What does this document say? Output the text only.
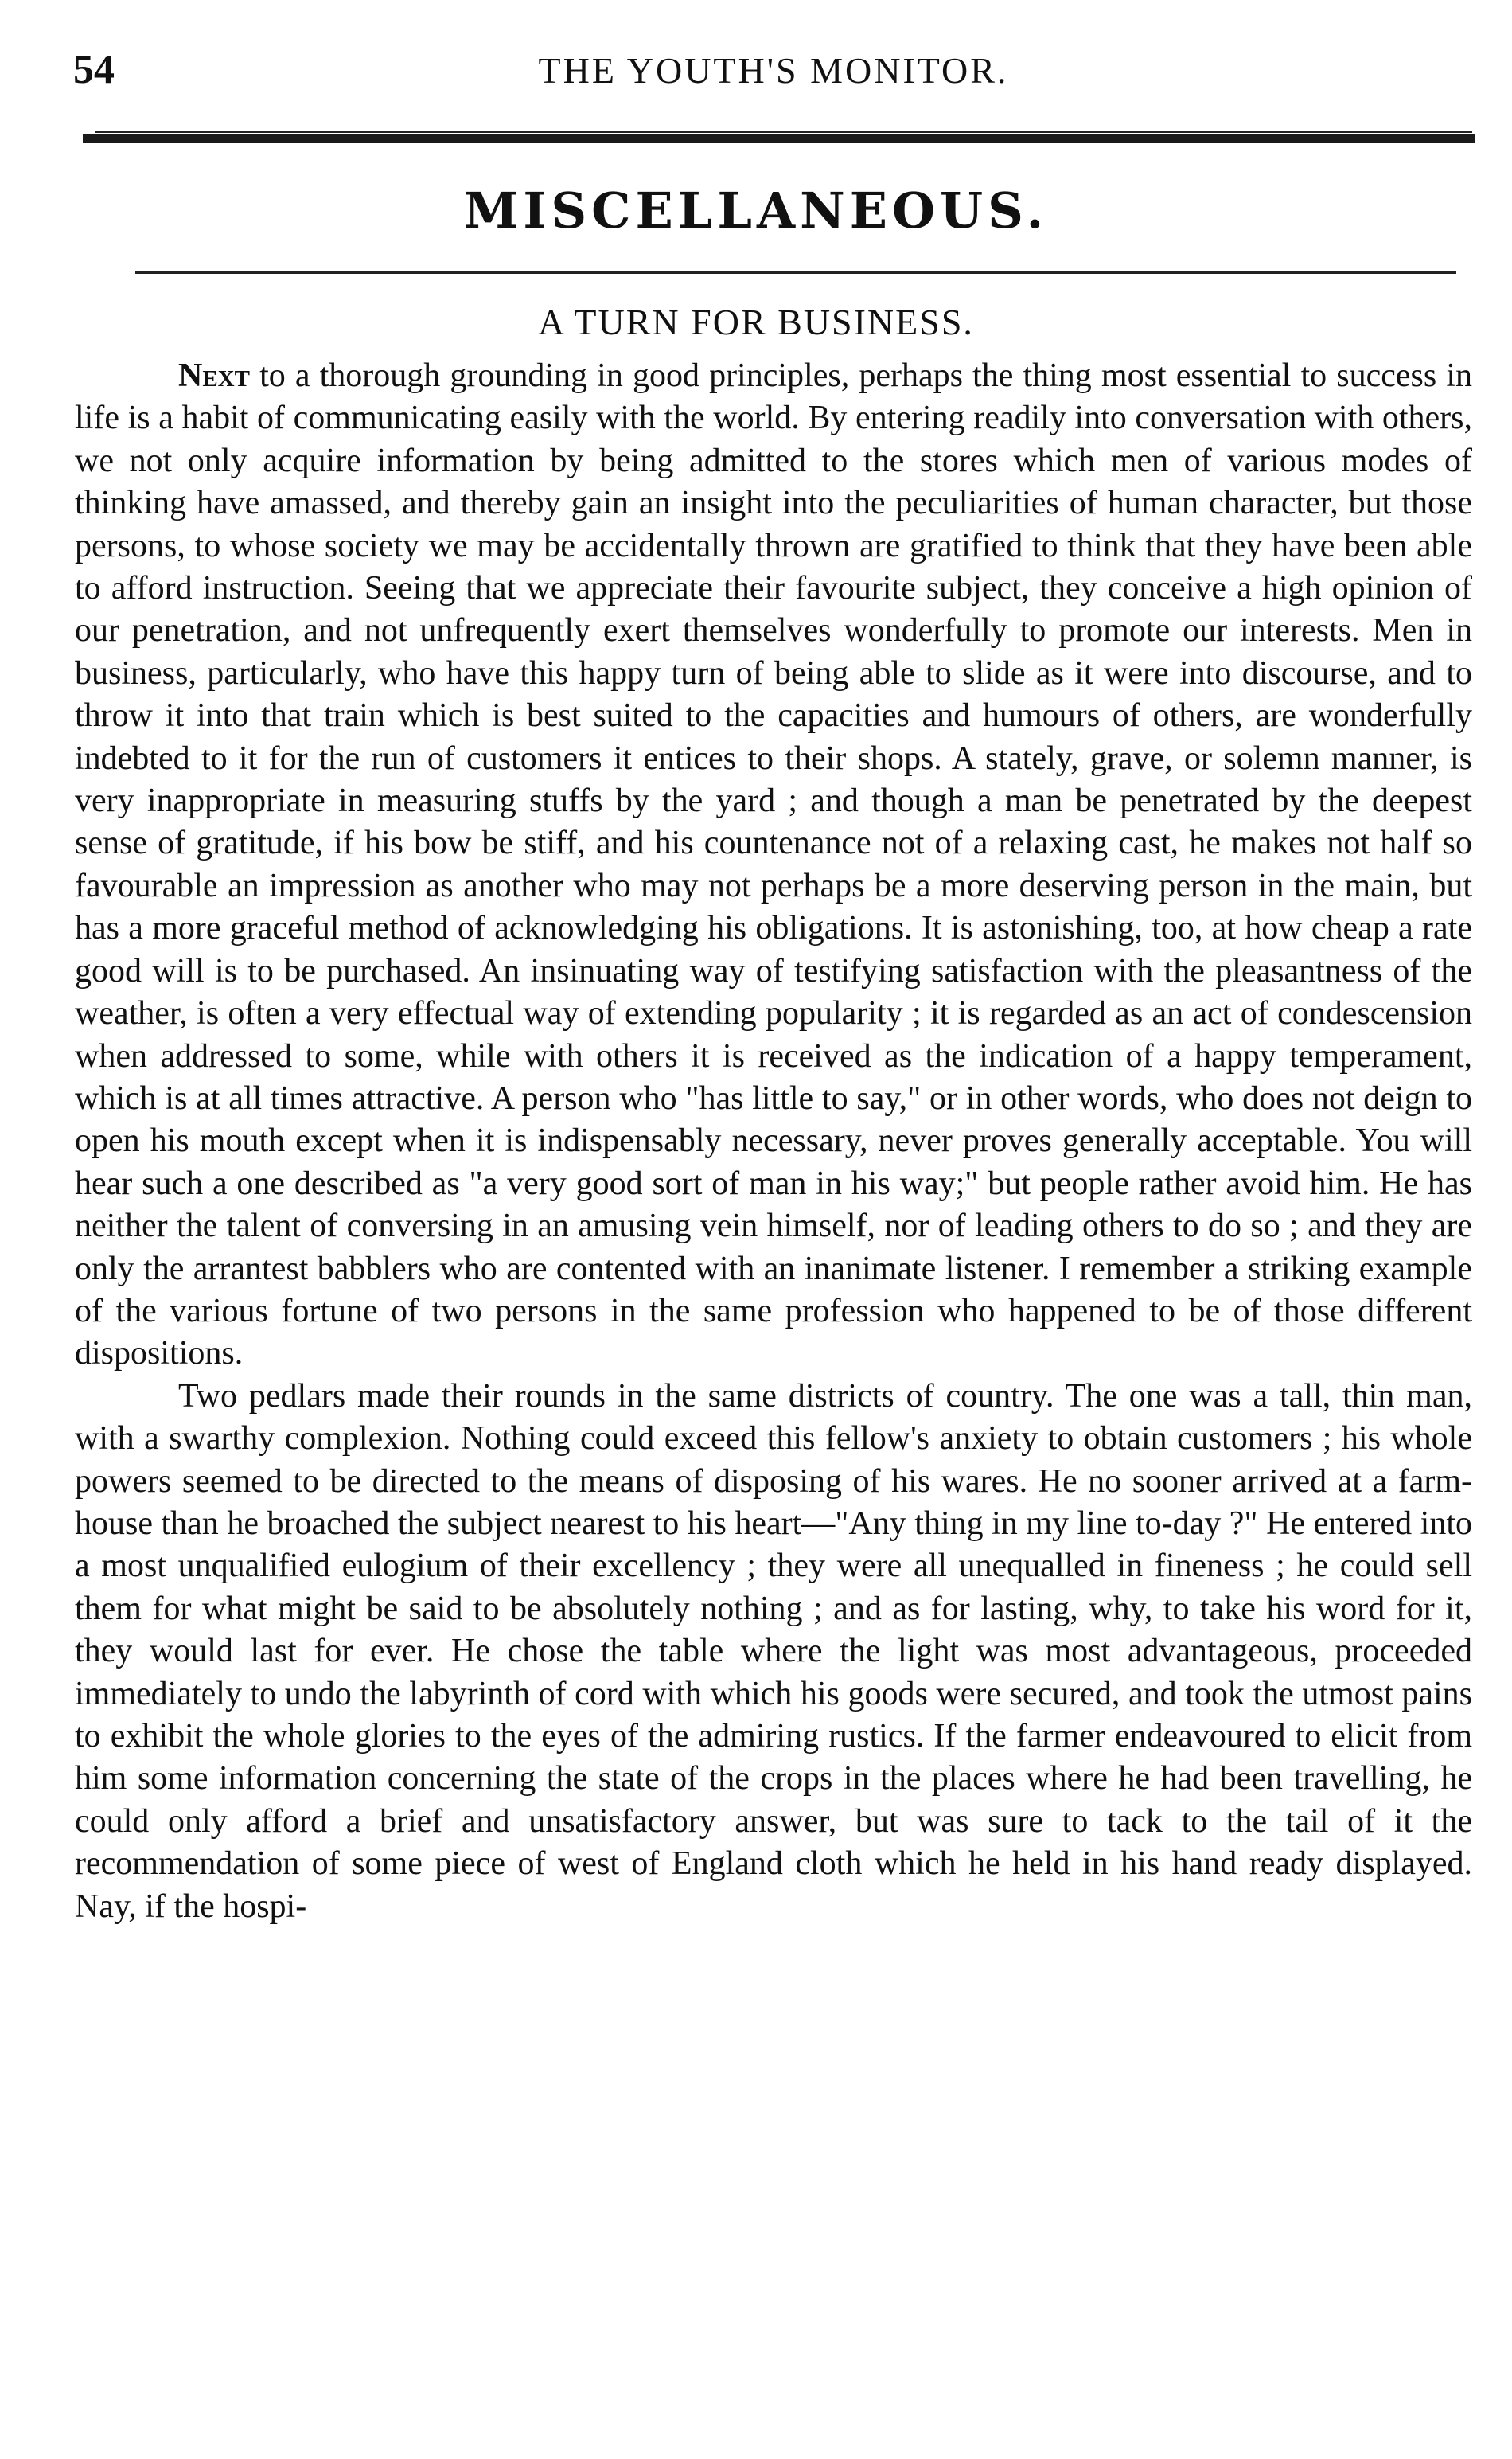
54	THE YOUTH'S MONITOR.
MISCELLANEOUS.
A TURN FOR BUSINESS.

Next to a thorough grounding in good principles, perhaps the thing most essential to success in life is a habit of communicating easily with the world. By entering readily into conversation with others, we not only acquire information by being admitted to the stores which men of various modes of thinking have amassed, and thereby gain an insight into the peculiarities of human character, but those persons, to whose society we may be accidentally thrown are gratified to think that they have been able to afford instruction. Seeing that we appreciate their favourite subject, they conceive a high opinion of our penetration, and not unfrequently exert themselves wonderfully to promote our interests. Men in business, particularly, who have this happy turn of being able to slide as it were into discourse, and to throw it into that train which is best suited to the capacities and humours of others, are wonderfully indebted to it for the run of customers it entices to their shops. A stately, grave, or solemn manner, is very inappropriate in measuring stuffs by the yard ; and though a man be penetrated by the deepest sense of gratitude, if his bow be stiff, and his countenance not of a relaxing cast, he makes not half so favourable an impression as another who may not perhaps be a more deserving person in the main, but has a more graceful method of acknowledging his obligations. It is astonishing, too, at how cheap a rate good will is to be purchased. An insinuating way of testifying satisfaction with the pleasantness of the weather, is often a very effectual way of extending popularity ; it is regarded as an act of condescension when addressed to some, while with others it is received as the indication of a happy temperament, which is at all times attractive. A person who "has little to say," or in other words, who does not deign to open his mouth except when it is indispensably necessary, never proves generally acceptable. You will hear such a one described as "a very good sort of man in his way;" but people rather avoid him. He has neither the talent of conversing in an amusing vein himself, nor of leading others to do so ; and they are only the arrantest babblers who are contented with an inanimate listener. I remember a striking example of the various fortune of two persons in the same profession who happened to be of those different dispositions.

Two pedlars made their rounds in the same districts of country. The one was a tall, thin man, with a swarthy complexion. Nothing could exceed this fellow's anxiety to obtain customers ; his whole powers seemed to be directed to the means of disposing of his wares. He no sooner arrived at a farm-house than he broached the subject nearest to his heart—"Any thing in my line to-day ?" He entered into a most unqualified eulogium of their excellency ; they were all unequalled in fineness ; he could sell them for what might be said to be absolutely nothing ; and as for lasting, why, to take his word for it, they would last for ever. He chose the table where the light was most advantageous, proceeded immediately to undo the labyrinth of cord with which his goods were secured, and took the utmost pains to exhibit the whole glories to the eyes of the admiring rustics. If the farmer endeavoured to elicit from him some information concerning the state of the crops in the places where he had been travelling, he could only afford a brief and unsatisfactory answer, but was sure to tack to the tail of it the recommendation of some piece of west of England cloth which he held in his hand ready displayed. Nay, if the hospi-
